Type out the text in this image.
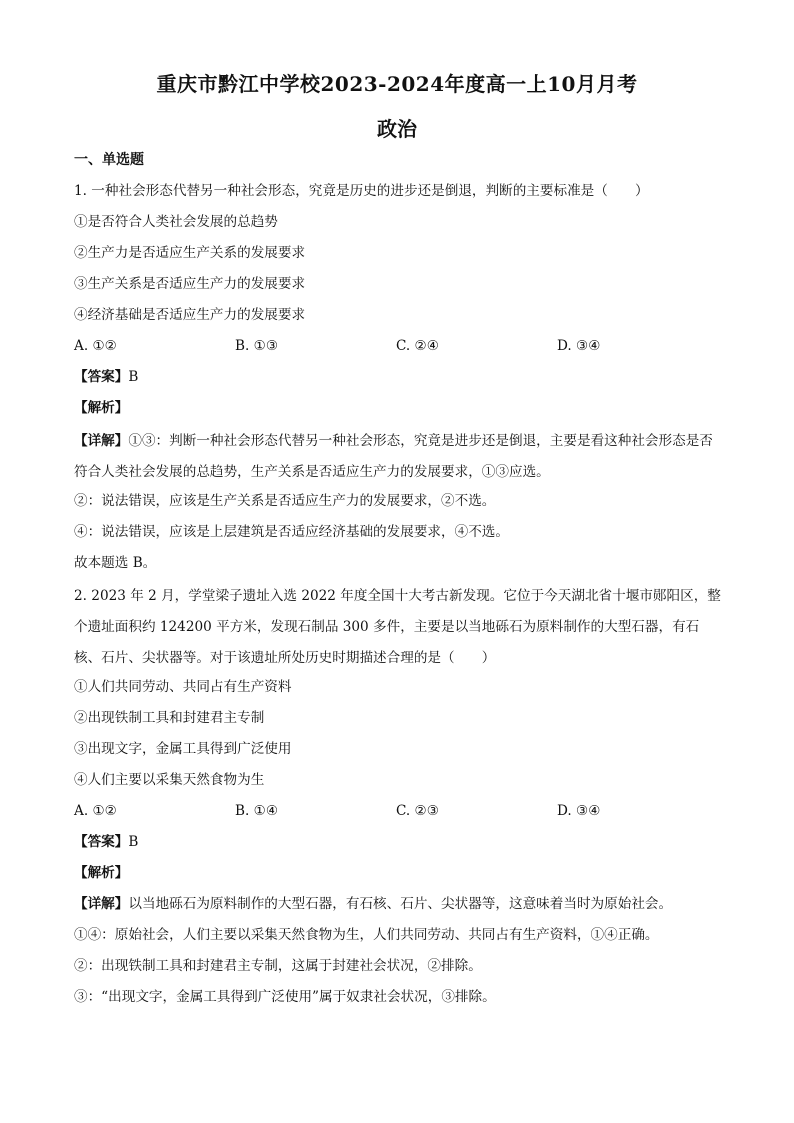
重庆市黔江中学校2023-2024年度高一上10月月考
政治
一、单选题
1. 一种社会形态代替另一种社会形态，究竟是历史的进步还是倒退，判断的主要标准是（　　）
①是否符合人类社会发展的总趋势
②生产力是否适应生产关系的发展要求
③生产关系是否适应生产力的发展要求
④经济基础是否适应生产力的发展要求
A. ①②	B. ①③	C. ②④	D. ③④
【答案】B
【解析】
【详解】①③：判断一种社会形态代替另一种社会形态，究竟是进步还是倒退，主要是看这种社会形态是否符合人类社会发展的总趋势，生产关系是否适应生产力的发展要求，①③应选。
②：说法错误，应该是生产关系是否适应生产力的发展要求，②不选。
④：说法错误，应该是上层建筑是否适应经济基础的发展要求，④不选。
故本题选 B。
2. 2023 年 2 月，学堂梁子遗址入选 2022 年度全国十大考古新发现。它位于今天湖北省十堰市郧阳区，整个遗址面积约 124200 平方米，发现石制品 300 多件，主要是以当地砾石为原料制作的大型石器，有石核、石片、尖状器等。对于该遗址所处历史时期描述合理的是（　　）
①人们共同劳动、共同占有生产资料
②出现铁制工具和封建君主专制
③出现文字，金属工具得到广泛使用
④人们主要以采集天然食物为生
A. ①②	B. ①④	C. ②③	D. ③④
【答案】B
【解析】
【详解】以当地砾石为原料制作的大型石器，有石核、石片、尖状器等，这意味着当时为原始社会。
①④：原始社会，人们主要以采集天然食物为生，人们共同劳动、共同占有生产资料，①④正确。
②：出现铁制工具和封建君主专制，这属于封建社会状况，②排除。
③：“出现文字，金属工具得到广泛使用”属于奴隶社会状况，③排除。
